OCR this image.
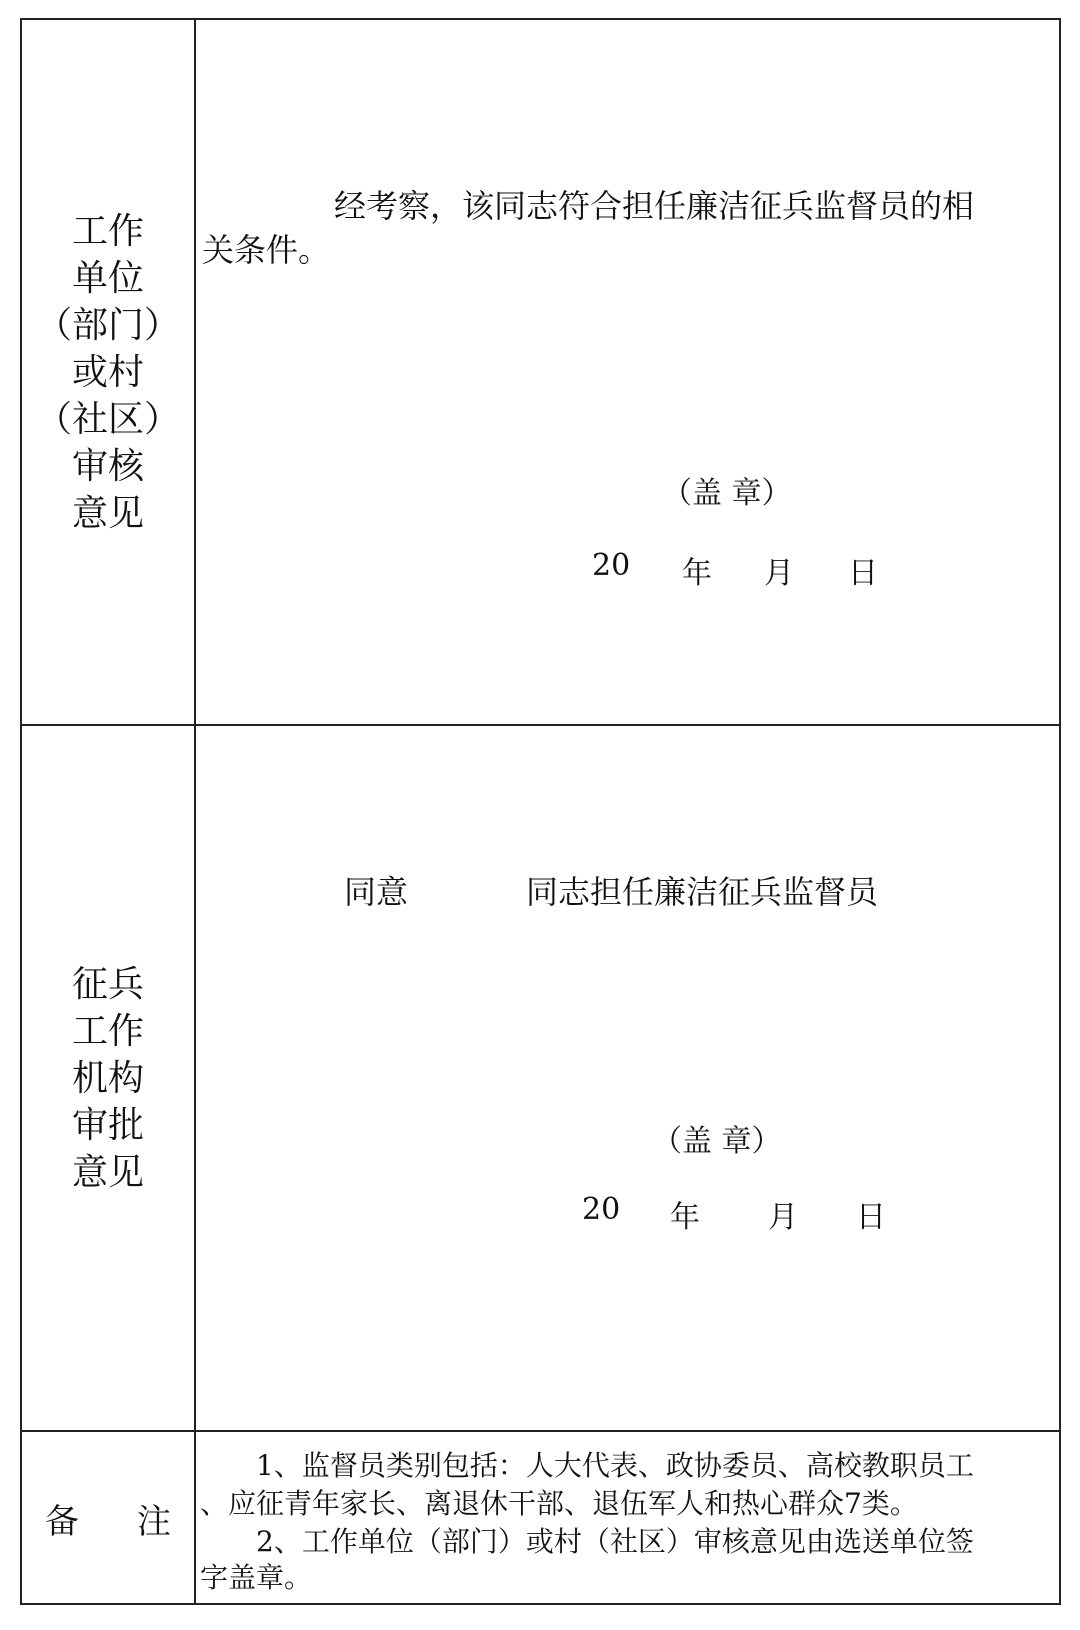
工作
单位
（部门）
或村
（社区）
审核
意见
经考察，该同志符合担任廉洁征兵监督员的相
关条件。
（盖 章）
20 年 月 日
征兵
工作
机构
审批
意见
同意	同志担任廉洁征兵监督员
（盖 章）
20 年 月 日
备 注
1、监督员类别包括：人大代表、政协委员、高校教职员工
、应征青年家长、离退休干部、退伍军人和热心群众7类。
2、工作单位（部门）或村（社区）审核意见由选送单位签
字盖章。
